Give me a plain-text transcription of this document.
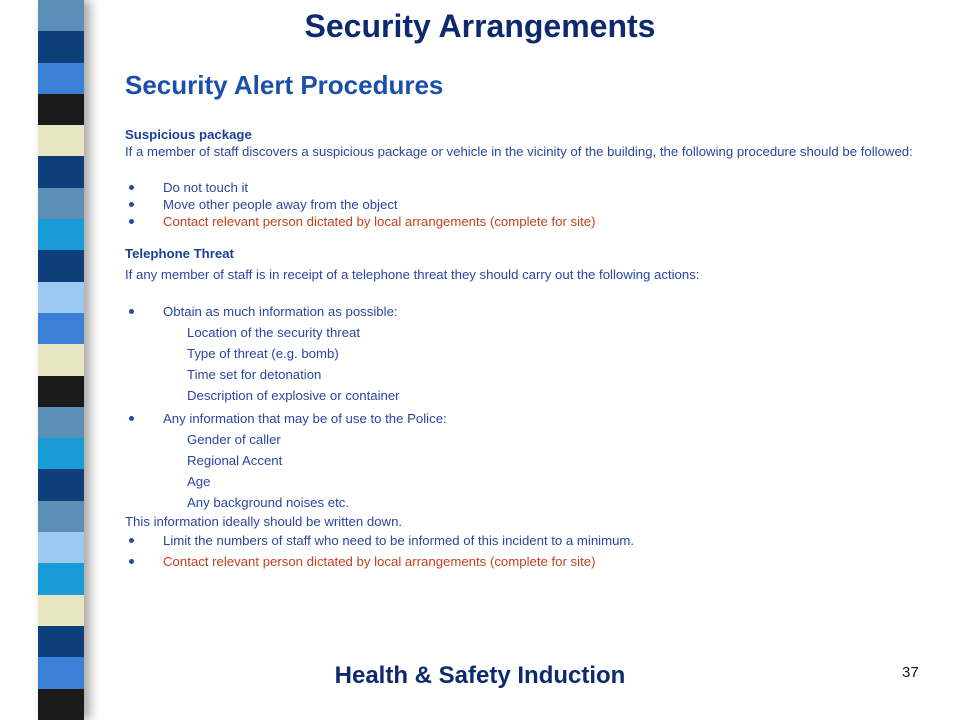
Security Arrangements
Security Alert Procedures

Suspicious package

If a member of staff discovers a suspicious package or vehicle in the vicinity of the building, the following procedure should be followed:

Do not touch it

Move other people away from the object

Contact relevant person dictated by local arrangements (complete for site)

Telephone Threat

If any member of staff is in receipt of a telephone threat they should carry out the following actions:

Obtain as much information as possible:

Location of the security threat

Type of threat (e.g. bomb)

Time set for detonation

Description of explosive or container

Any information that may be of use to the Police:

Gender of caller

Regional Accent

Age

Any background noises etc.

This information ideally should be written down.

Limit the numbers of staff who need to be informed of this incident to a minimum.

Contact relevant person dictated by local arrangements (complete for site)

Health & Safety Induction	37
